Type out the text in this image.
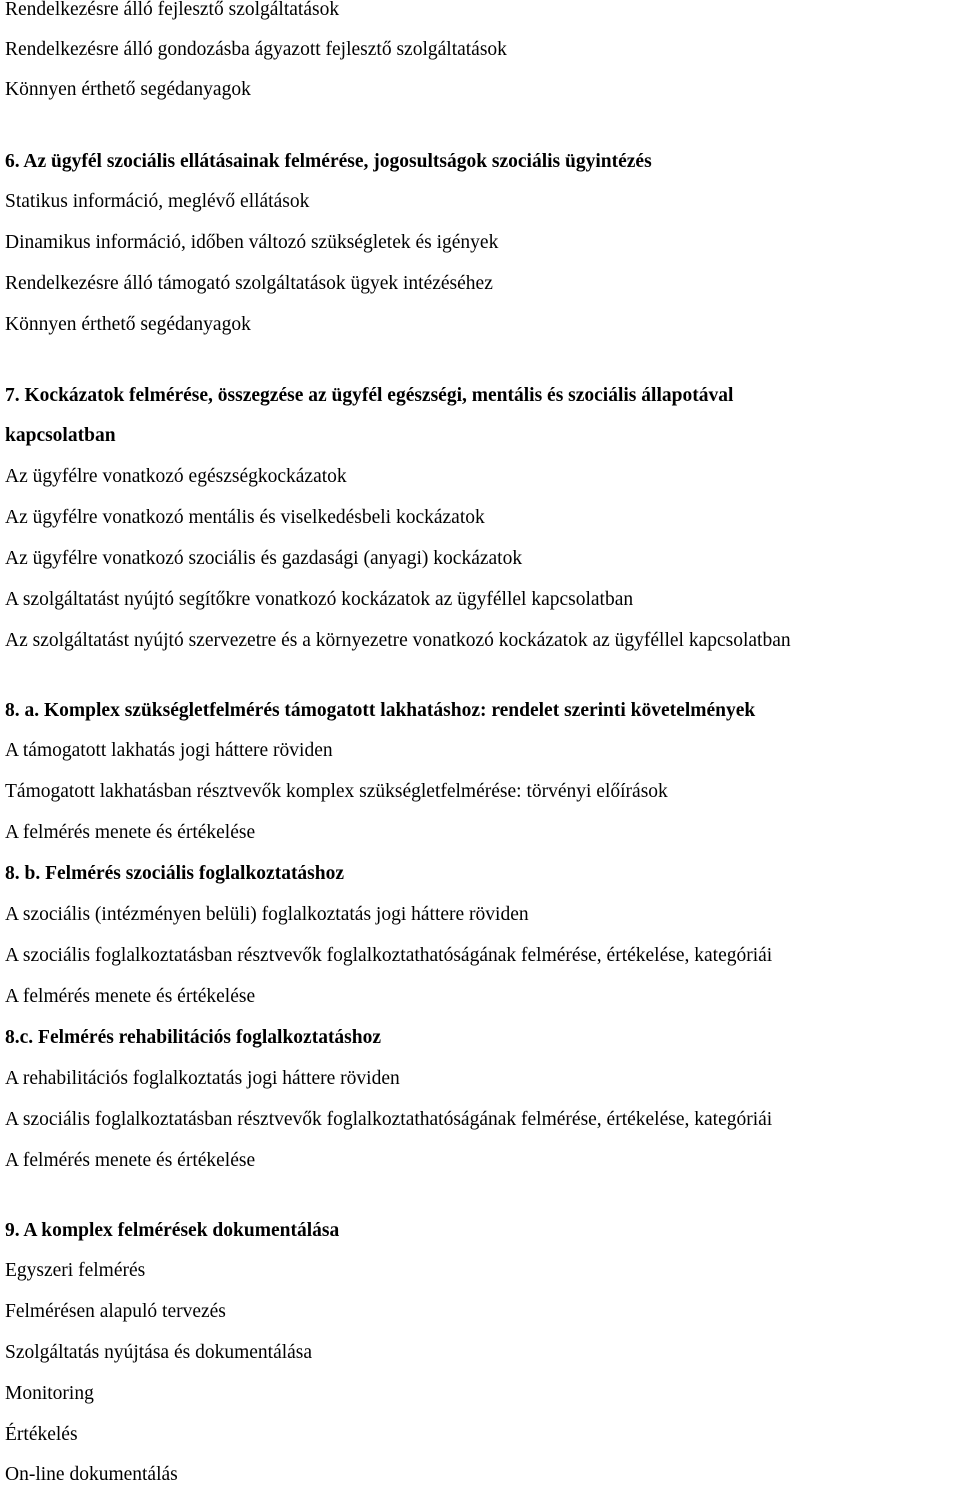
Rendelkezésre álló fejlesztő szolgáltatások

Rendelkezésre álló gondozásba ágyazott fejlesztő szolgáltatások

Könnyen érthető segédanyagok

6. Az ügyfél szociális ellátásainak felmérése, jogosultságok szociális ügyintézés

Statikus információ, meglévő ellátások

Dinamikus információ, időben változó szükségletek és igények

Rendelkezésre álló támogató szolgáltatások ügyek intézéséhez

Könnyen érthető segédanyagok

7. Kockázatok felmérése, összegzése az ügyfél egészségi, mentális és szociális állapotával

kapcsolatban

Az ügyfélre vonatkozó egészségkockázatok

Az ügyfélre vonatkozó mentális és viselkedésbeli kockázatok

Az ügyfélre vonatkozó szociális és gazdasági (anyagi) kockázatok

A szolgáltatást nyújtó segítőkre vonatkozó kockázatok az ügyféllel kapcsolatban

Az szolgáltatást nyújtó szervezetre és a környezetre vonatkozó kockázatok az ügyféllel kapcsolatban

8. a. Komplex szükségletfelmérés támogatott lakhatáshoz: rendelet szerinti követelmények

A támogatott lakhatás jogi háttere röviden

Támogatott lakhatásban résztvevők komplex szükségletfelmérése: törvényi előírások

A felmérés menete és értékelése

8. b. Felmérés szociális foglalkoztatáshoz

A szociális (intézményen belüli) foglalkoztatás jogi háttere röviden

A szociális foglalkoztatásban résztvevők foglalkoztathatóságának felmérése, értékelése, kategóriái

A felmérés menete és értékelése

8.c. Felmérés rehabilitációs foglalkoztatáshoz

A rehabilitációs foglalkoztatás jogi háttere röviden

A szociális foglalkoztatásban résztvevők foglalkoztathatóságának felmérése, értékelése, kategóriái

A felmérés menete és értékelése

9. A komplex felmérések dokumentálása

Egyszeri felmérés

Felmérésen alapuló tervezés

Szolgáltatás nyújtása és dokumentálása

Monitoring

Értékelés

On-line dokumentálás
